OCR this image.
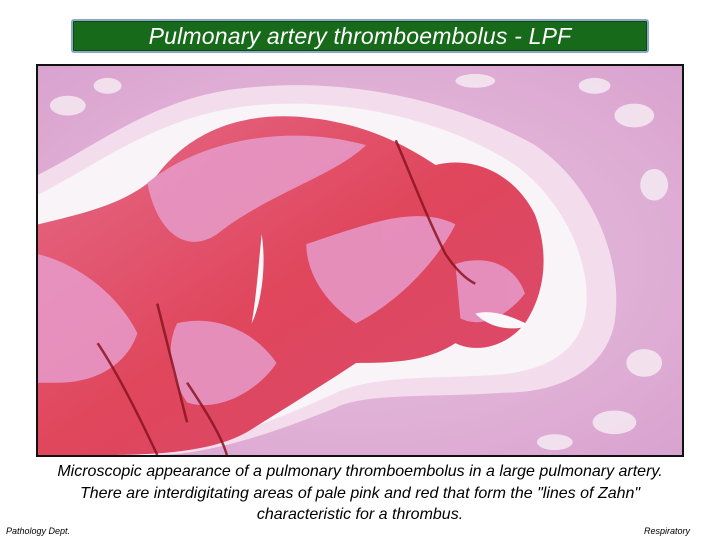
Pulmonary artery thromboembolus - LPF
Microscopic appearance of a pulmonary thromboembolus in a large pulmonary artery. There are interdigitating areas of pale pink and red that form the "lines of Zahn" characteristic for a thrombus.
Pathology Dept.	Respiratory
